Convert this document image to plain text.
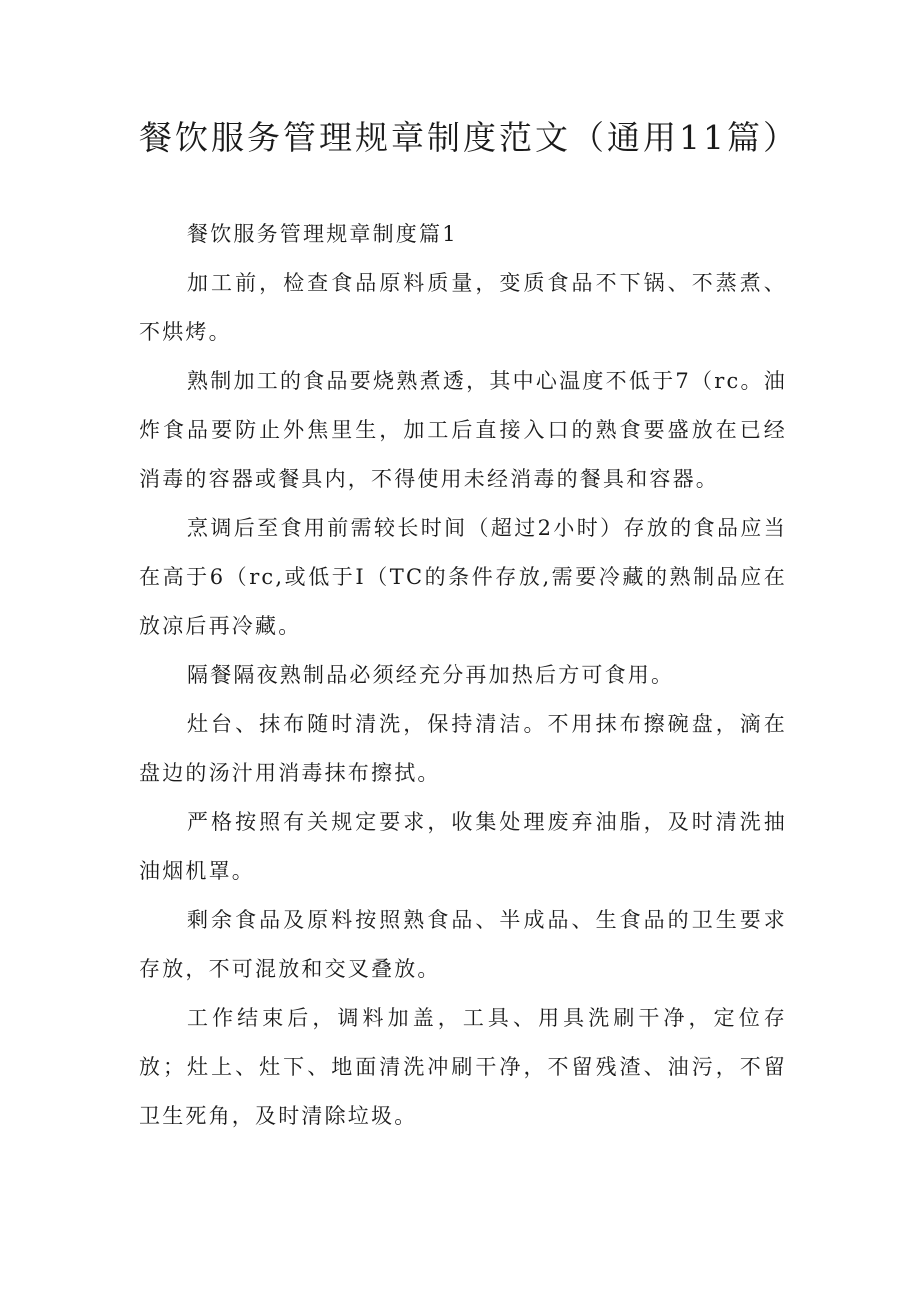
餐饮服务管理规章制度范文（通用11篇）
餐饮服务管理规章制度篇1

加工前，检查食品原料质量，变质食品不下锅、不蒸煮、不烘烤。

熟制加工的食品要烧熟煮透，其中心温度不低于7（rc。油炸食品要防止外焦里生，加工后直接入口的熟食要盛放在已经消毒的容器或餐具内，不得使用未经消毒的餐具和容器。

烹调后至食用前需较长时间（超过2小时）存放的食品应当在高于6（rc,或低于I（TC的条件存放,需要冷藏的熟制品应在放凉后再冷藏。

隔餐隔夜熟制品必须经充分再加热后方可食用。

灶台、抹布随时清洗，保持清洁。不用抹布擦碗盘，滴在盘边的汤汁用消毒抹布擦拭。

严格按照有关规定要求，收集处理废弃油脂，及时清洗抽油烟机罩。

剩余食品及原料按照熟食品、半成品、生食品的卫生要求存放，不可混放和交叉叠放。

工作结束后，调料加盖，工具、用具洗刷干净，定位存放；灶上、灶下、地面清洗冲刷干净，不留残渣、油污，不留卫生死角，及时清除垃圾。
